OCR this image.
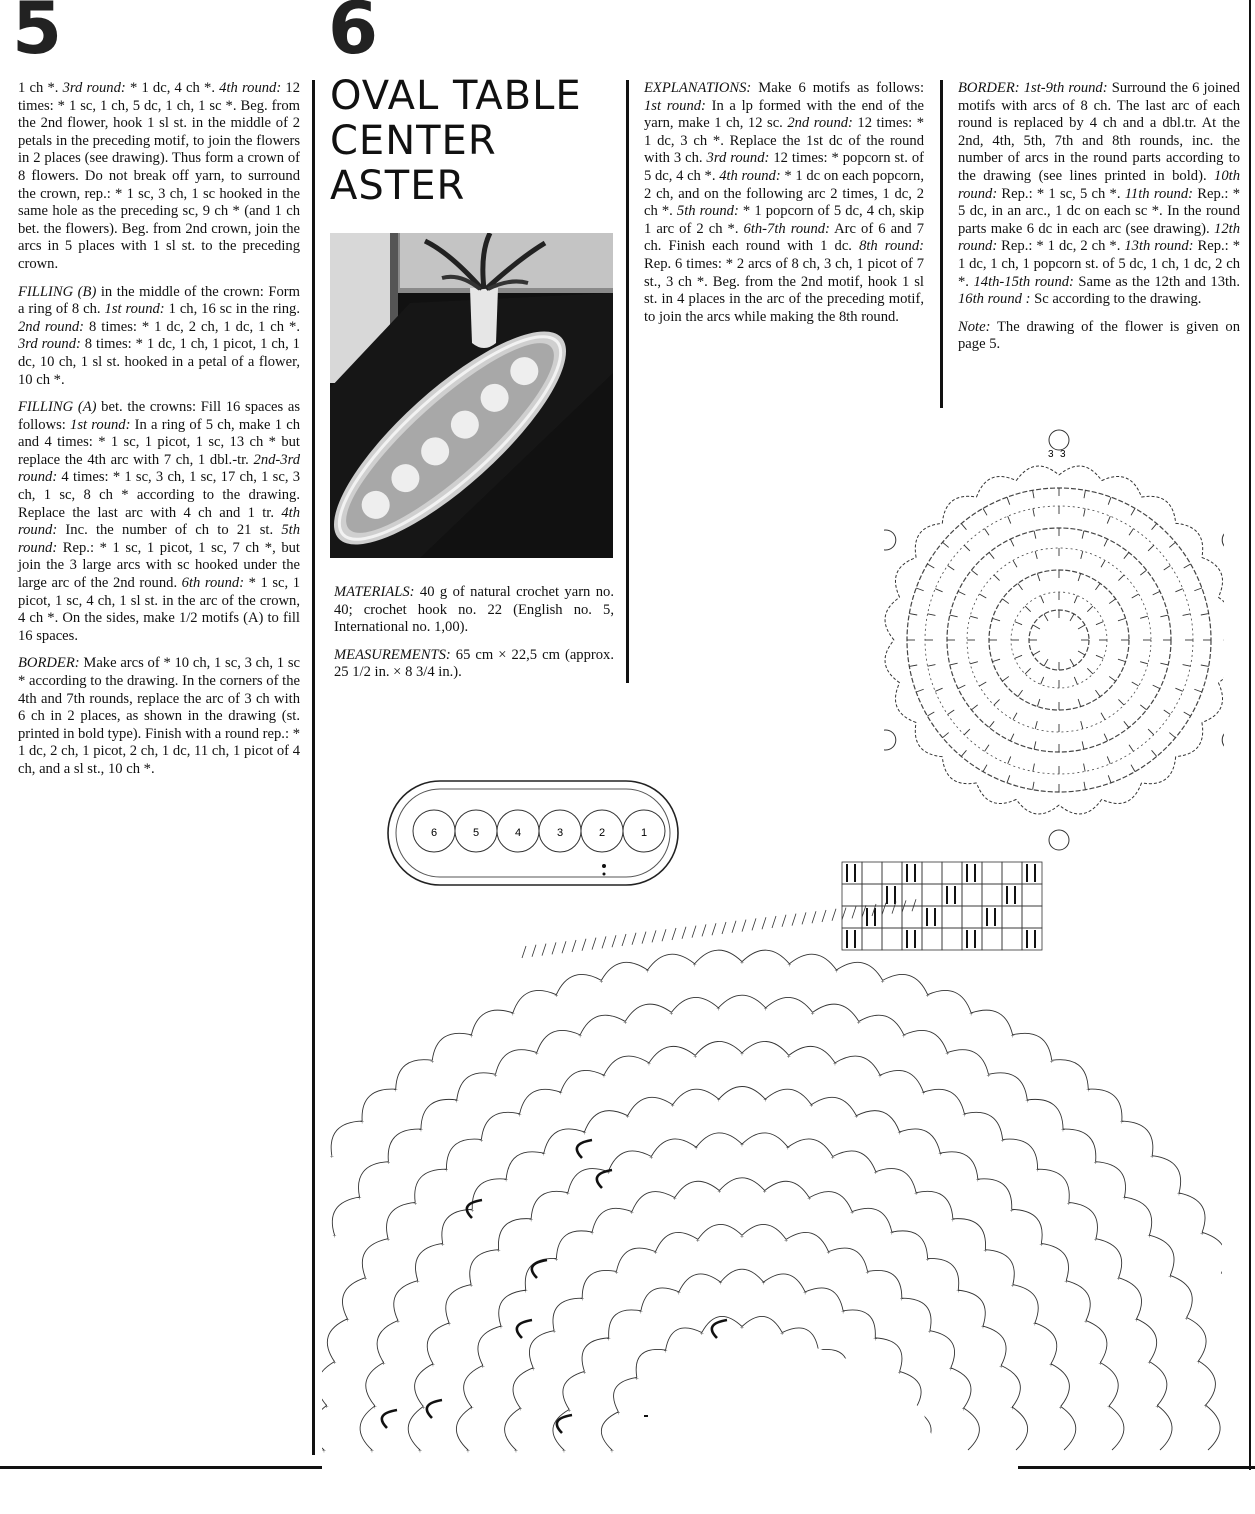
5	6

1 ch *. 3rd round: * 1 dc, 4 ch *. 4th round: 12 times: * 1 sc, 1 ch, 5 dc, 1 ch, 1 sc *. Beg. from the 2nd flower, hook 1 sl st. in the middle of 2 petals in the preceding motif, to join the flowers in 2 places (see drawing). Thus form a crown of 8 flowers. Do not break off yarn, to surround the crown, rep.: * 1 sc, 3 ch, 1 sc hooked in the same hole as the preceding sc, 9 ch * (and 1 ch bet. the flowers). Beg. from 2nd crown, join the arcs in 5 places with 1 sl st. to the preceding crown.

FILLING (B) in the middle of the crown: Form a ring of 8 ch. 1st round: 1 ch, 16 sc in the ring. 2nd round: 8 times: * 1 dc, 2 ch, 1 dc, 1 ch *. 3rd round: 8 times: * 1 dc, 1 ch, 1 picot, 1 ch, 1 dc, 10 ch, 1 sl st. hooked in a petal of a flower, 10 ch *.

FILLING (A) bet. the crowns: Fill 16 spaces as follows: 1st round: In a ring of 5 ch, make 1 ch and 4 times: * 1 sc, 1 picot, 1 sc, 13 ch * but replace the 4th arc with 7 ch, 1 dbl.-tr. 2nd-3rd round: 4 times: * 1 sc, 3 ch, 1 sc, 17 ch, 1 sc, 3 ch, 1 sc, 8 ch * according to the drawing. Replace the last arc with 4 ch and 1 tr. 4th round: Inc. the number of ch to 21 st. 5th round: Rep.: * 1 sc, 1 picot, 1 sc, 7 ch *, but join the 3 large arcs with sc hooked under the large arc of the 2nd round. 6th round: * 1 sc, 1 picot, 1 sc, 4 ch, 1 sl st. in the arc of the crown, 4 ch *. On the sides, make 1/2 motifs (A) to fill 16 spaces.

BORDER: Make arcs of * 10 ch, 1 sc, 3 ch, 1 sc * according to the drawing. In the corners of the 4th and 7th rounds, replace the arc of 3 ch with 6 ch in 2 places, as shown in the drawing (st. printed in bold type). Finish with a round rep.: * 1 dc, 2 ch, 1 picot, 2 ch, 1 dc, 11 ch, 1 picot of 4 ch, and a sl st., 10 ch *.

OVAL TABLE
CENTER
ASTER

MATERIALS: 40 g of natural crochet yarn no. 40; crochet hook no. 22 (English no. 5, International no. 1,00).

MEASUREMENTS: 65 cm × 22,5 cm (approx. 25 1/2 in. × 8 3/4 in.).

EXPLANATIONS: Make 6 motifs as follows: 1st round: In a lp formed with the end of the yarn, make 1 ch, 12 sc. 2nd round: 12 times: * 1 dc, 3 ch *. Replace the 1st dc of the round with 3 ch. 3rd round: 12 times: * popcorn st. of 5 dc, 4 ch *. 4th round: * 1 dc on each popcorn, 2 ch, and on the following arc 2 times, 1 dc, 2 ch *. 5th round: * 1 popcorn of 5 dc, 4 ch, skip 1 arc of 2 ch *. 6th-7th round: Arc of 6 and 7 ch. Finish each round with 1 dc. 8th round: Rep. 6 times: * 2 arcs of 8 ch, 3 ch, 1 picot of 7 st., 3 ch *. Beg. from the 2nd motif, hook 1 sl st. in 4 places in the arc of the preceding motif, to join the arcs while making the 8th round.

BORDER: 1st-9th round: Surround the 6 joined motifs with arcs of 8 ch. The last arc of each round is replaced by 4 ch and a dbl.tr. At the 2nd, 4th, 5th, 7th and 8th rounds, inc. the number of arcs in the round parts according to the drawing (see lines printed in bold). 10th round: Rep.: * 1 sc, 5 ch *. 11th round: Rep.: * 5 dc, in an arc., 1 dc on each sc *. In the round parts make 6 dc in each arc (see drawing). 12th round: Rep.: * 1 dc, 2 ch *. 13th round: Rep.: * 1 dc, 1 ch, 1 popcorn st. of 5 dc, 1 ch, 1 dc, 2 ch *. 14th-15th round: Same as the 12th and 13th. 16th round : Sc according to the drawing.

Note: The drawing of the flower is given on page 5.

6	5	4	3	2	1
3 3
+
+
+
+
+
+
+
+
+
+
+
+
+
+	+
+
+
+
+
+
+
+
+
+
+
+
+
+
+
+
+
+
+
+
+
+
+
+
+
+
+
+
+
+
+	+
+
+
+
+
+
+
+
+
+
+
+
+
+
+
+
+
+
+
+	+	+
+
+
+
+
+
+
+
+
+
+
+
+
+
+
+
+
+
+
+
+
+
+	+
+
+
+
+
+
+
+
+
+
+
+
+
+
+
+
+
+
+
+
+
+
+
+
+
+	+	+
+
+
+
+
+
+
+
+
+
+
+
+
+
+
+
+
+
+
+
+
+
+
+	+
+
+
+
+
+
+
+
+
+
+
+
+
+
+
+
+
+
+
+
+
+
+
+
+	+	+
+
+
+
+
+
+
+
+
+
+
+
